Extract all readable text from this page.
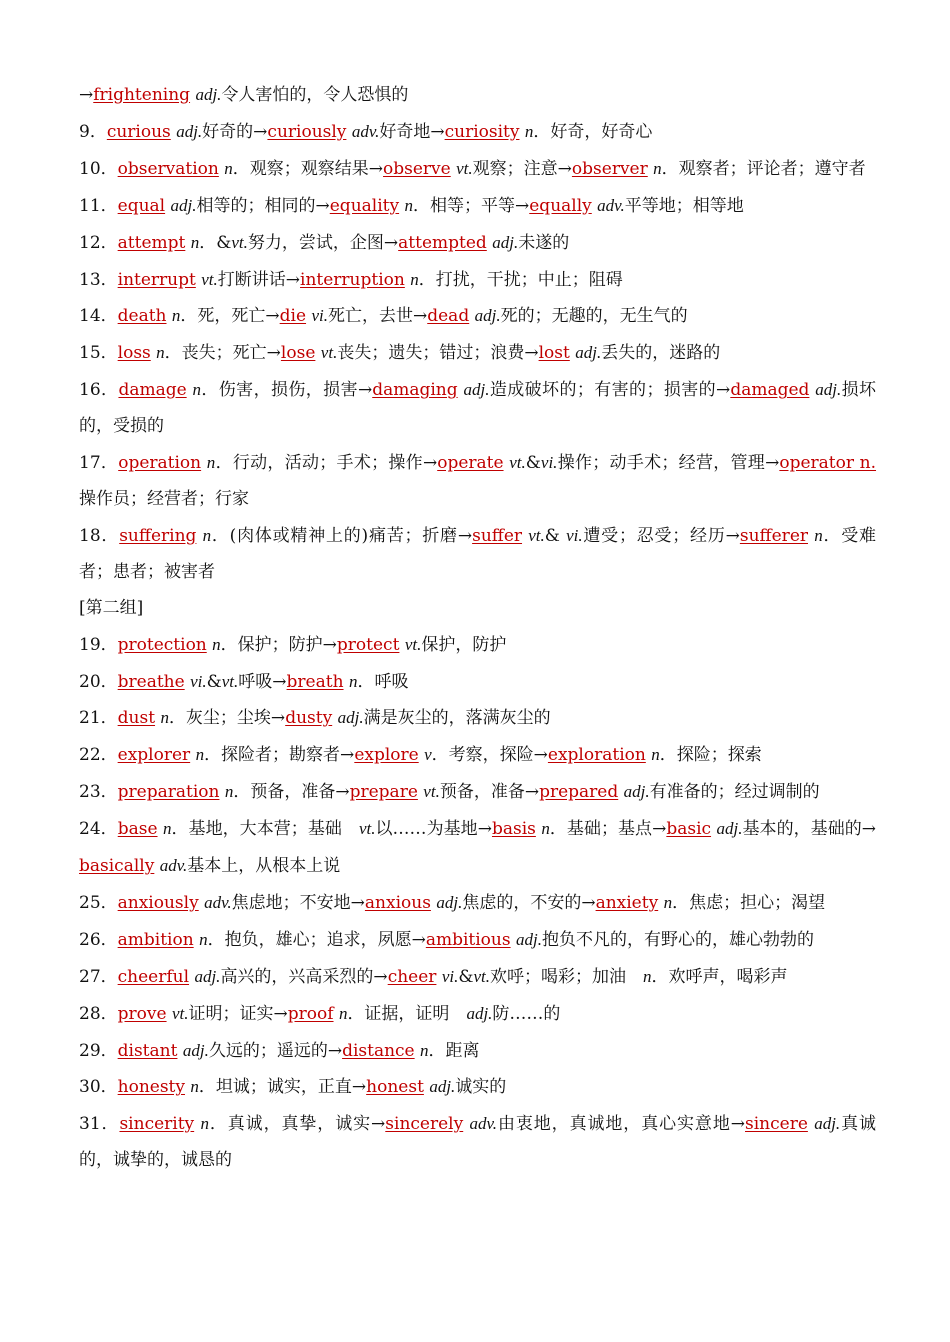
→frightening adj.令人害怕的，令人恐惧的
9．curious adj.好奇的→curiously adv.好奇地→curiosity n．好奇，好奇心
10．observation n．观察；观察结果→observe vt.观察；注意→observer n．观察者；评论者；遵守者
11．equal adj.相等的；相同的→equality n．相等；平等→equally adv.平等地；相等地
12．attempt n．&vt.努力，尝试，企图→attempted adj.未遂的
13．interrupt vt.打断讲话→interruption n．打扰，干扰；中止；阻碍
14．death n．死，死亡→die vi.死亡，去世→dead adj.死的；无趣的，无生气的
15．loss n．丧失；死亡→lose vt.丧失；遗失；错过；浪费→lost adj.丢失的，迷路的
16．damage n．伤害，损伤，损害→damaging adj.造成破坏的；有害的；损害的→damaged adj.损坏的，受损的
17．operation n．行动，活动；手术；操作→operate vt.&vi.操作；动手术；经营，管理→operator n.操作员；经营者；行家
18．suffering n．(肉体或精神上的)痛苦；折磨→suffer vt.& vi.遭受；忍受；经历→sufferer n．受难者；患者；被害者
[第二组]
19．protection n．保护；防护→protect vt.保护，防护
20．breathe vi.&vt.呼吸→breath n．呼吸
21．dust n．灰尘；尘埃→dusty adj.满是灰尘的，落满灰尘的
22．explorer n．探险者；勘察者→explore v．考察，探险→exploration n．探险；探索
23．preparation n．预备，准备→prepare vt.预备，准备→prepared adj.有准备的；经过调制的
24．base n．基地，大本营；基础　vt.以……为基地→basis n．基础；基点→basic adj.基本的，基础的→basically adv.基本上，从根本上说
25．anxiously adv.焦虑地；不安地→anxious adj.焦虑的，不安的→anxiety n．焦虑；担心；渴望
26．ambition n．抱负，雄心；追求，夙愿→ambitious adj.抱负不凡的，有野心的，雄心勃勃的
27．cheerful adj.高兴的，兴高采烈的→cheer vi.&vt.欢呼；喝彩；加油　n．欢呼声，喝彩声
28．prove vt.证明；证实→proof n．证据，证明　adj.防……的
29．distant adj.久远的；遥远的→distance n．距离
30．honesty n．坦诚；诚实，正直→honest adj.诚实的
31．sincerity n．真诚，真挚，诚实→sincerely adv.由衷地，真诚地，真心实意地→sincere adj.真诚的，诚挚的，诚恳的
